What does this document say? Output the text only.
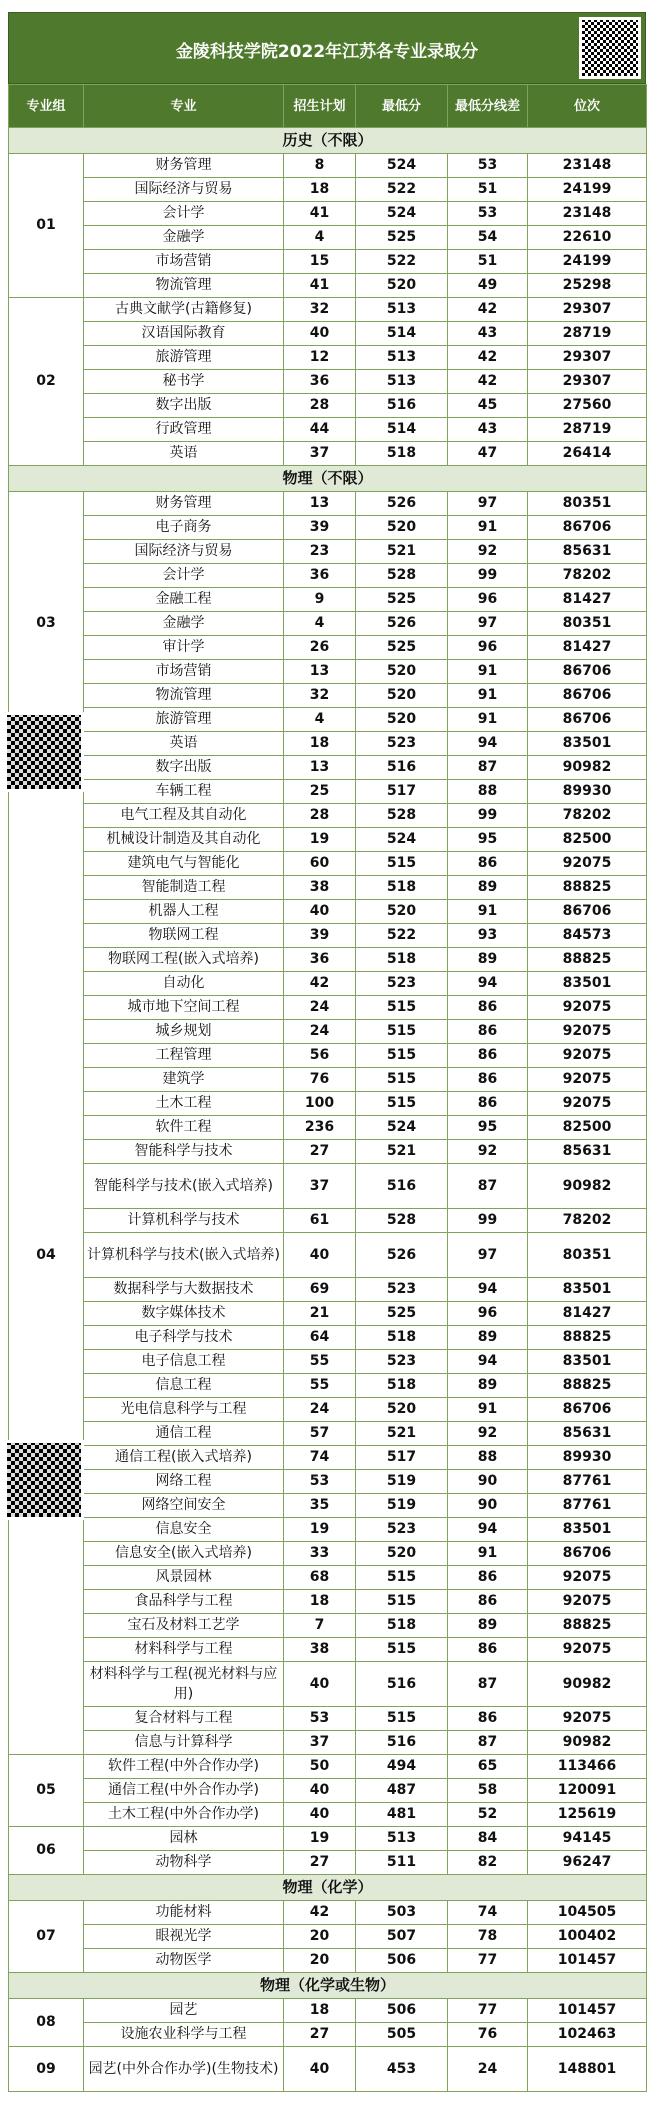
金陵科技学院2022年江苏各专业录取分
专业组	专业	招生计划	最低分	最低分线差	位次
历史（不限）					
01	财务管理	8	524	53	23148
	国际经济与贸易	18	522	51	24199
	会计学	41	524	53	23148
	金融学	4	525	54	22610
	市场营销	15	522	51	24199
	物流管理	41	520	49	25298
02	古典文献学(古籍修复)	32	513	42	29307
	汉语国际教育	40	514	43	28719
	旅游管理	12	513	42	29307
	秘书学	36	513	42	29307
	数字出版	28	516	45	27560
	行政管理	44	514	43	28719
	英语	37	518	47	26414
物理（不限）					
03	财务管理	13	526	97	80351
	电子商务	39	520	91	86706
	国际经济与贸易	23	521	92	85631
	会计学	36	528	99	78202
	金融工程	9	525	96	81427
	金融学	4	526	97	80351
	审计学	26	525	96	81427
	市场营销	13	520	91	86706
	物流管理	32	520	91	86706
	旅游管理	4	520	91	86706
	英语	18	523	94	83501
04	数字出版	13	516	87	90982
	车辆工程	25	517	88	89930
	电气工程及其自动化	28	528	99	78202
	机械设计制造及其自动化	19	524	95	82500
	建筑电气与智能化	60	515	86	92075
	智能制造工程	38	518	89	88825
	机器人工程	40	520	91	86706
	物联网工程	39	522	93	84573
	物联网工程(嵌入式培养)	36	518	89	88825
	自动化	42	523	94	83501
	城市地下空间工程	24	515	86	92075
	城乡规划	24	515	86	92075
	工程管理	56	515	86	92075
	建筑学	76	515	86	92075
	土木工程	100	515	86	92075
	软件工程	236	524	95	82500
	智能科学与技术	27	521	92	85631
	智能科学与技术(嵌入式培养)	37	516	87	90982
	计算机科学与技术	61	528	99	78202
	计算机科学与技术(嵌入式培养)	40	526	97	80351
	数据科学与大数据技术	69	523	94	83501
	数字媒体技术	21	525	96	81427
	电子科学与技术	64	518	89	88825
	电子信息工程	55	523	94	83501
	信息工程	55	518	89	88825
	光电信息科学与工程	24	520	91	86706
	通信工程	57	521	92	85631
	通信工程(嵌入式培养)	74	517	88	89930
	网络工程	53	519	90	87761
	网络空间安全	35	519	90	87761
	信息安全	19	523	94	83501
	信息安全(嵌入式培养)	33	520	91	86706
	风景园林	68	515	86	92075
	食品科学与工程	18	515	86	92075
	宝石及材料工艺学	7	518	89	88825
	材料科学与工程	38	515	86	92075
	材料科学与工程(视光材料与应用)	40	516	87	90982
	复合材料与工程	53	515	86	92075
	信息与计算科学	37	516	87	90982
05	软件工程(中外合作办学)	50	494	65	113466
	通信工程(中外合作办学)	40	487	58	120091
	土木工程(中外合作办学)	40	481	52	125619
06	园林	19	513	84	94145
	动物科学	27	511	82	96247
物理（化学）					
07	功能材料	42	503	74	104505
	眼视光学	20	507	78	100402
	动物医学	20	506	77	101457
物理（化学或生物）					
08	园艺	18	506	77	101457
	设施农业科学与工程	27	505	76	102463
09	园艺(中外合作办学)(生物技术)	40	453	24	148801
